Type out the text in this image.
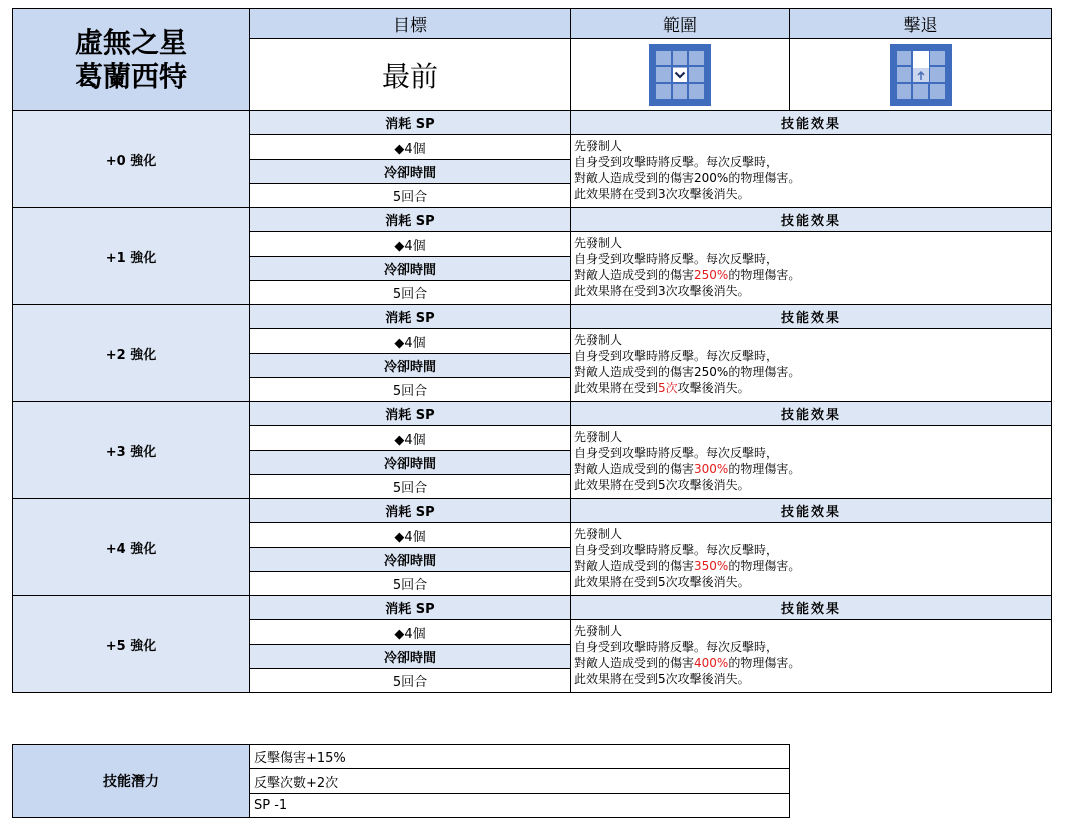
虛無之星
葛蘭西特	目標	範圍	擊退
	最前	

+0 強化	消耗 SP	技能效果	
	◆4個	先發制人
自身受到攻擊時將反擊。每次反擊時，
對敵人造成受到的傷害200%的物理傷害。
此效果將在受到3次攻擊後消失。	

	冷卻時間		
	5回合		
+1 強化	消耗 SP	技能效果	
	◆4個	先發制人
自身受到攻擊時將反擊。每次反擊時，
對敵人造成受到的傷害250%的物理傷害。
此效果將在受到3次攻擊後消失。	

	冷卻時間		
	5回合		
+2 強化	消耗 SP	技能效果	
	◆4個	先發制人
自身受到攻擊時將反擊。每次反擊時，
對敵人造成受到的傷害250%的物理傷害。
此效果將在受到5次攻擊後消失。	

	冷卻時間		
	5回合		
+3 強化	消耗 SP	技能效果	
	◆4個	先發制人
自身受到攻擊時將反擊。每次反擊時，
對敵人造成受到的傷害300%的物理傷害。
此效果將在受到5次攻擊後消失。	

	冷卻時間		
	5回合		
+4 強化	消耗 SP	技能效果	
	◆4個	先發制人
自身受到攻擊時將反擊。每次反擊時，
對敵人造成受到的傷害350%的物理傷害。
此效果將在受到5次攻擊後消失。	

	冷卻時間		
	5回合		
+5 強化	消耗 SP	技能效果	
	◆4個	先發制人
自身受到攻擊時將反擊。每次反擊時，
對敵人造成受到的傷害400%的物理傷害。
此效果將在受到5次攻擊後消失。	

	冷卻時間		
	5回合		
技能潛力	反擊傷害+15%
反擊次數+2次
SP -1
